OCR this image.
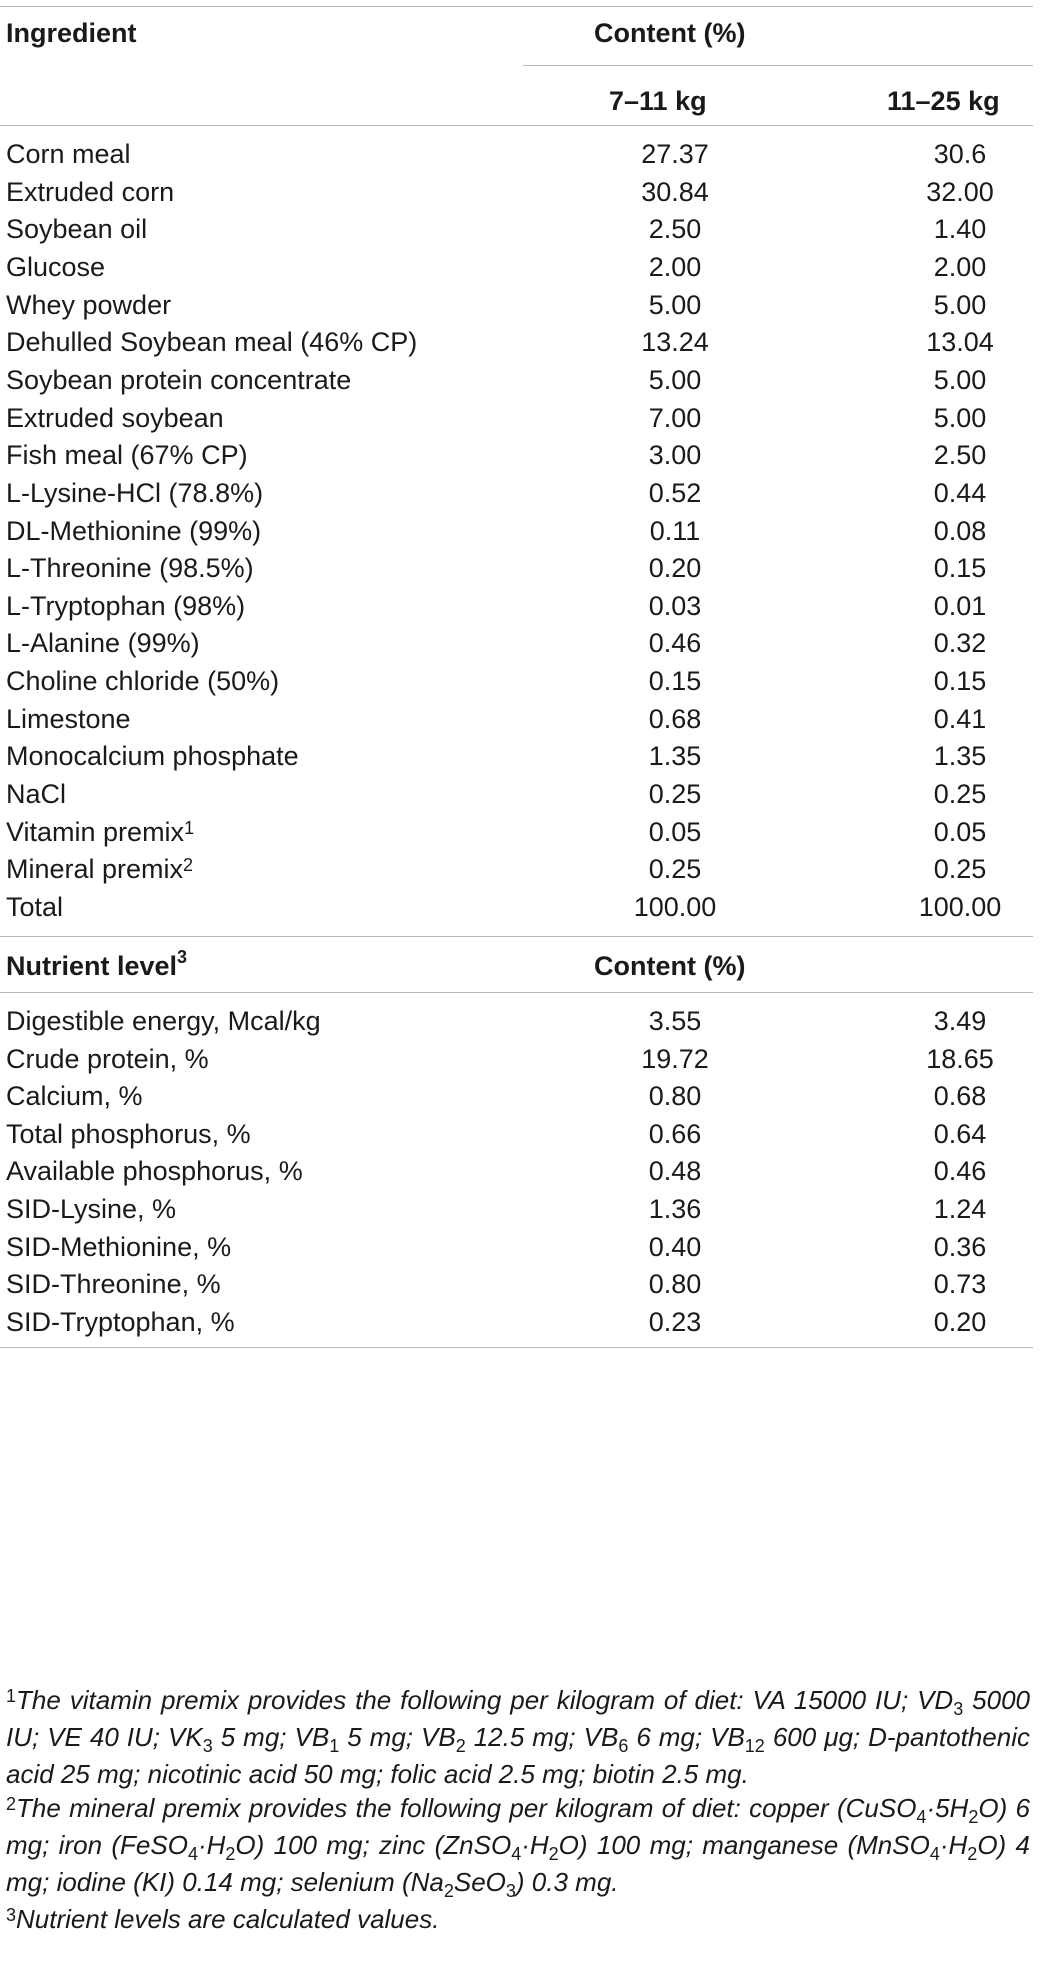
Ingredient	Content (%)
7–11 kg	11–25 kg
Corn meal	27.37	30.6
Extruded corn	30.84	32.00
Soybean oil	2.50	1.40
Glucose	2.00	2.00
Whey powder	5.00	5.00
Dehulled Soybean meal (46% CP)	13.24	13.04
Soybean protein concentrate	5.00	5.00
Extruded soybean	7.00	5.00
Fish meal (67% CP)	3.00	2.50
L-Lysine-HCl (78.8%)	0.52	0.44
DL-Methionine (99%)	0.11	0.08
L-Threonine (98.5%)	0.20	0.15
L-Tryptophan (98%)	0.03	0.01
L-Alanine (99%)	0.46	0.32
Choline chloride (50%)	0.15	0.15
Limestone	0.68	0.41
Monocalcium phosphate	1.35	1.35
NaCl	0.25	0.25
Vitamin premix$^1$	0.05	0.05
Mineral premix$^2$	0.25	0.25
Total	100.00	100.00
Nutrient level$^3$	Content (%)
Digestible energy, Mcal/kg	3.55	3.49
Crude protein, %	19.72	18.65
Calcium, %	0.80	0.68
Total phosphorus, %	0.66	0.64
Available phosphorus, %	0.48	0.46
SID-Lysine, %	1.36	1.24
SID-Methionine, %	0.40	0.36
SID-Threonine, %	0.80	0.73
SID-Tryptophan, %	0.23	0.20

$^1$The vitamin premix provides the following per kilogram of diet: VA 15000 IU; $VD_3$ 5000 IU; VE 40 IU; $VK_3$ 5 mg; $VB_1$ 5 mg; $VB_2$ 12.5 mg; $VB_6$ 6 mg; $VB_{12}$ 600 μg; D-pantothenic acid 25 mg; nicotinic acid 50 mg; folic acid 2.5 mg; biotin 2.5 mg.

$^2$The mineral premix provides the following per kilogram of diet: copper $(CuSO_4\cdot 5H_2O)$ 6 mg; iron $(FeSO_4\cdot H_2O)$ 100 mg; zinc $(ZnSO_4\cdot H_2O)$ 100 mg; manganese $(MnSO_4\cdot H_2O)$ 4 mg; iodine (KI) 0.14 mg; selenium $(Na_2SeO_3)$ 0.3 mg.

$^3$Nutrient levels are calculated values.
